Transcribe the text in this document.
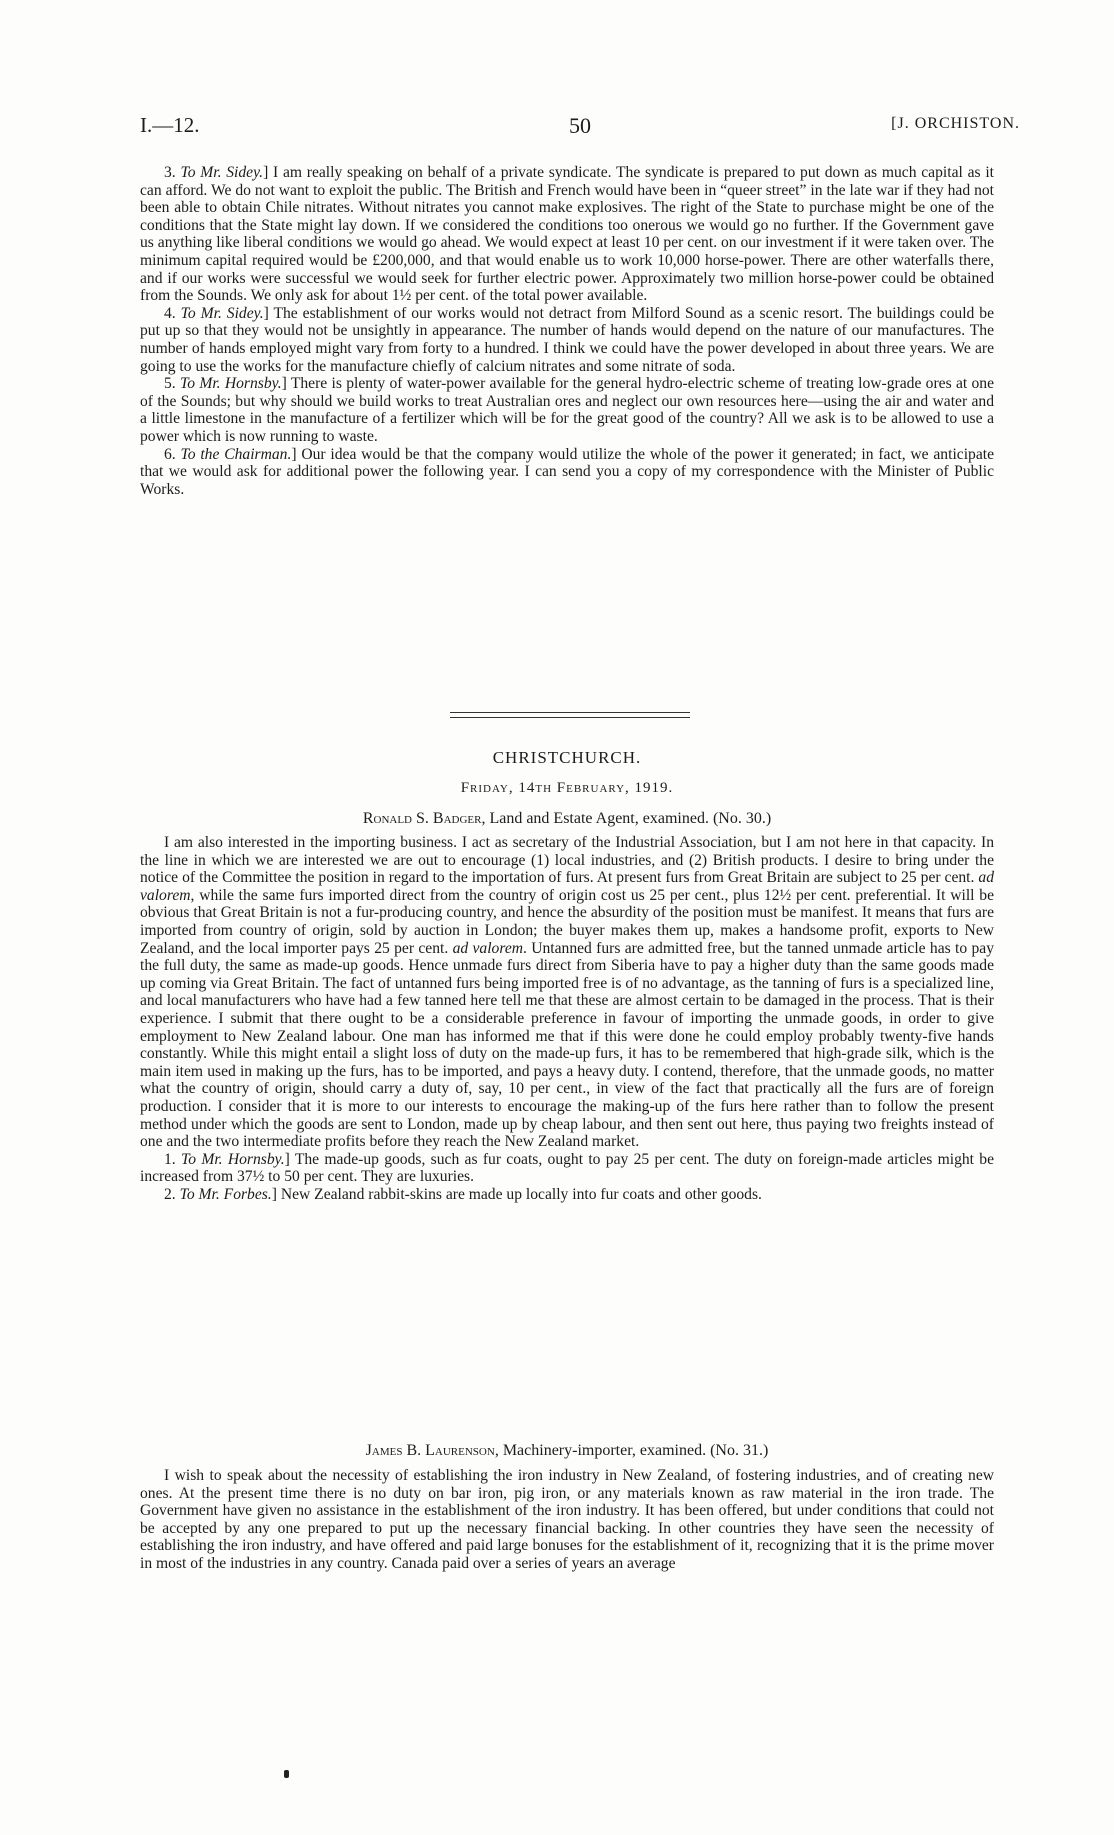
I.—12.	50	[J. ORCHISTON.

3. To Mr. Sidey.] I am really speaking on behalf of a private syndicate. The syndicate is prepared to put down as much capital as it can afford. We do not want to exploit the public. The British and French would have been in “queer street” in the late war if they had not been able to obtain Chile nitrates. Without nitrates you cannot make explosives. The right of the State to purchase might be one of the conditions that the State might lay down. If we considered the conditions too onerous we would go no further. If the Government gave us anything like liberal conditions we would go ahead. We would expect at least 10 per cent. on our investment if it were taken over. The minimum capital required would be £200,000, and that would enable us to work 10,000 horse-power. There are other waterfalls there, and if our works were successful we would seek for further electric power. Approximately two million horse-power could be obtained from the Sounds. We only ask for about 1½ per cent. of the total power available.

4. To Mr. Sidey.] The establishment of our works would not detract from Milford Sound as a scenic resort. The buildings could be put up so that they would not be unsightly in appearance. The number of hands would depend on the nature of our manufactures. The number of hands employed might vary from forty to a hundred. I think we could have the power developed in about three years. We are going to use the works for the manufacture chiefly of calcium nitrates and some nitrate of soda.

5. To Mr. Hornsby.] There is plenty of water-power available for the general hydro-electric scheme of treating low-grade ores at one of the Sounds; but why should we build works to treat Australian ores and neglect our own resources here—using the air and water and a little limestone in the manufacture of a fertilizer which will be for the great good of the country? All we ask is to be allowed to use a power which is now running to waste.

6. To the Chairman.] Our idea would be that the company would utilize the whole of the power it generated; in fact, we anticipate that we would ask for additional power the following year. I can send you a copy of my correspondence with the Minister of Public Works.

CHRISTCHURCH.
Friday, 14th February, 1919.
Ronald S. Badger, Land and Estate Agent, examined. (No. 30.)

I am also interested in the importing business. I act as secretary of the Industrial Association, but I am not here in that capacity. In the line in which we are interested we are out to encourage (1) local industries, and (2) British products. I desire to bring under the notice of the Committee the position in regard to the importation of furs. At present furs from Great Britain are subject to 25 per cent. ad valorem, while the same furs imported direct from the country of origin cost us 25 per cent., plus 12½ per cent. preferential. It will be obvious that Great Britain is not a fur-producing country, and hence the absurdity of the position must be manifest. It means that furs are imported from country of origin, sold by auction in London; the buyer makes them up, makes a handsome profit, exports to New Zealand, and the local importer pays 25 per cent. ad valorem. Untanned furs are admitted free, but the tanned unmade article has to pay the full duty, the same as made-up goods. Hence unmade furs direct from Siberia have to pay a higher duty than the same goods made up coming via Great Britain. The fact of untanned furs being imported free is of no advantage, as the tanning of furs is a specialized line, and local manufacturers who have had a few tanned here tell me that these are almost certain to be damaged in the process. That is their experience. I submit that there ought to be a considerable preference in favour of importing the unmade goods, in order to give employment to New Zealand labour. One man has informed me that if this were done he could employ probably twenty-five hands constantly. While this might entail a slight loss of duty on the made-up furs, it has to be remembered that high-grade silk, which is the main item used in making up the furs, has to be imported, and pays a heavy duty. I contend, therefore, that the unmade goods, no matter what the country of origin, should carry a duty of, say, 10 per cent., in view of the fact that practically all the furs are of foreign production. I consider that it is more to our interests to encourage the making-up of the furs here rather than to follow the present method under which the goods are sent to London, made up by cheap labour, and then sent out here, thus paying two freights instead of one and the two intermediate profits before they reach the New Zealand market.

1. To Mr. Hornsby.] The made-up goods, such as fur coats, ought to pay 25 per cent. The duty on foreign-made articles might be increased from 37½ to 50 per cent. They are luxuries.

2. To Mr. Forbes.] New Zealand rabbit-skins are made up locally into fur coats and other goods.

James B. Laurenson, Machinery-importer, examined. (No. 31.)

I wish to speak about the necessity of establishing the iron industry in New Zealand, of fostering industries, and of creating new ones. At the present time there is no duty on bar iron, pig iron, or any materials known as raw material in the iron trade. The Government have given no assistance in the establishment of the iron industry. It has been offered, but under conditions that could not be accepted by any one prepared to put up the necessary financial backing. In other countries they have seen the necessity of establishing the iron industry, and have offered and paid large bonuses for the establishment of it, recognizing that it is the prime mover in most of the industries in any country. Canada paid over a series of years an average
